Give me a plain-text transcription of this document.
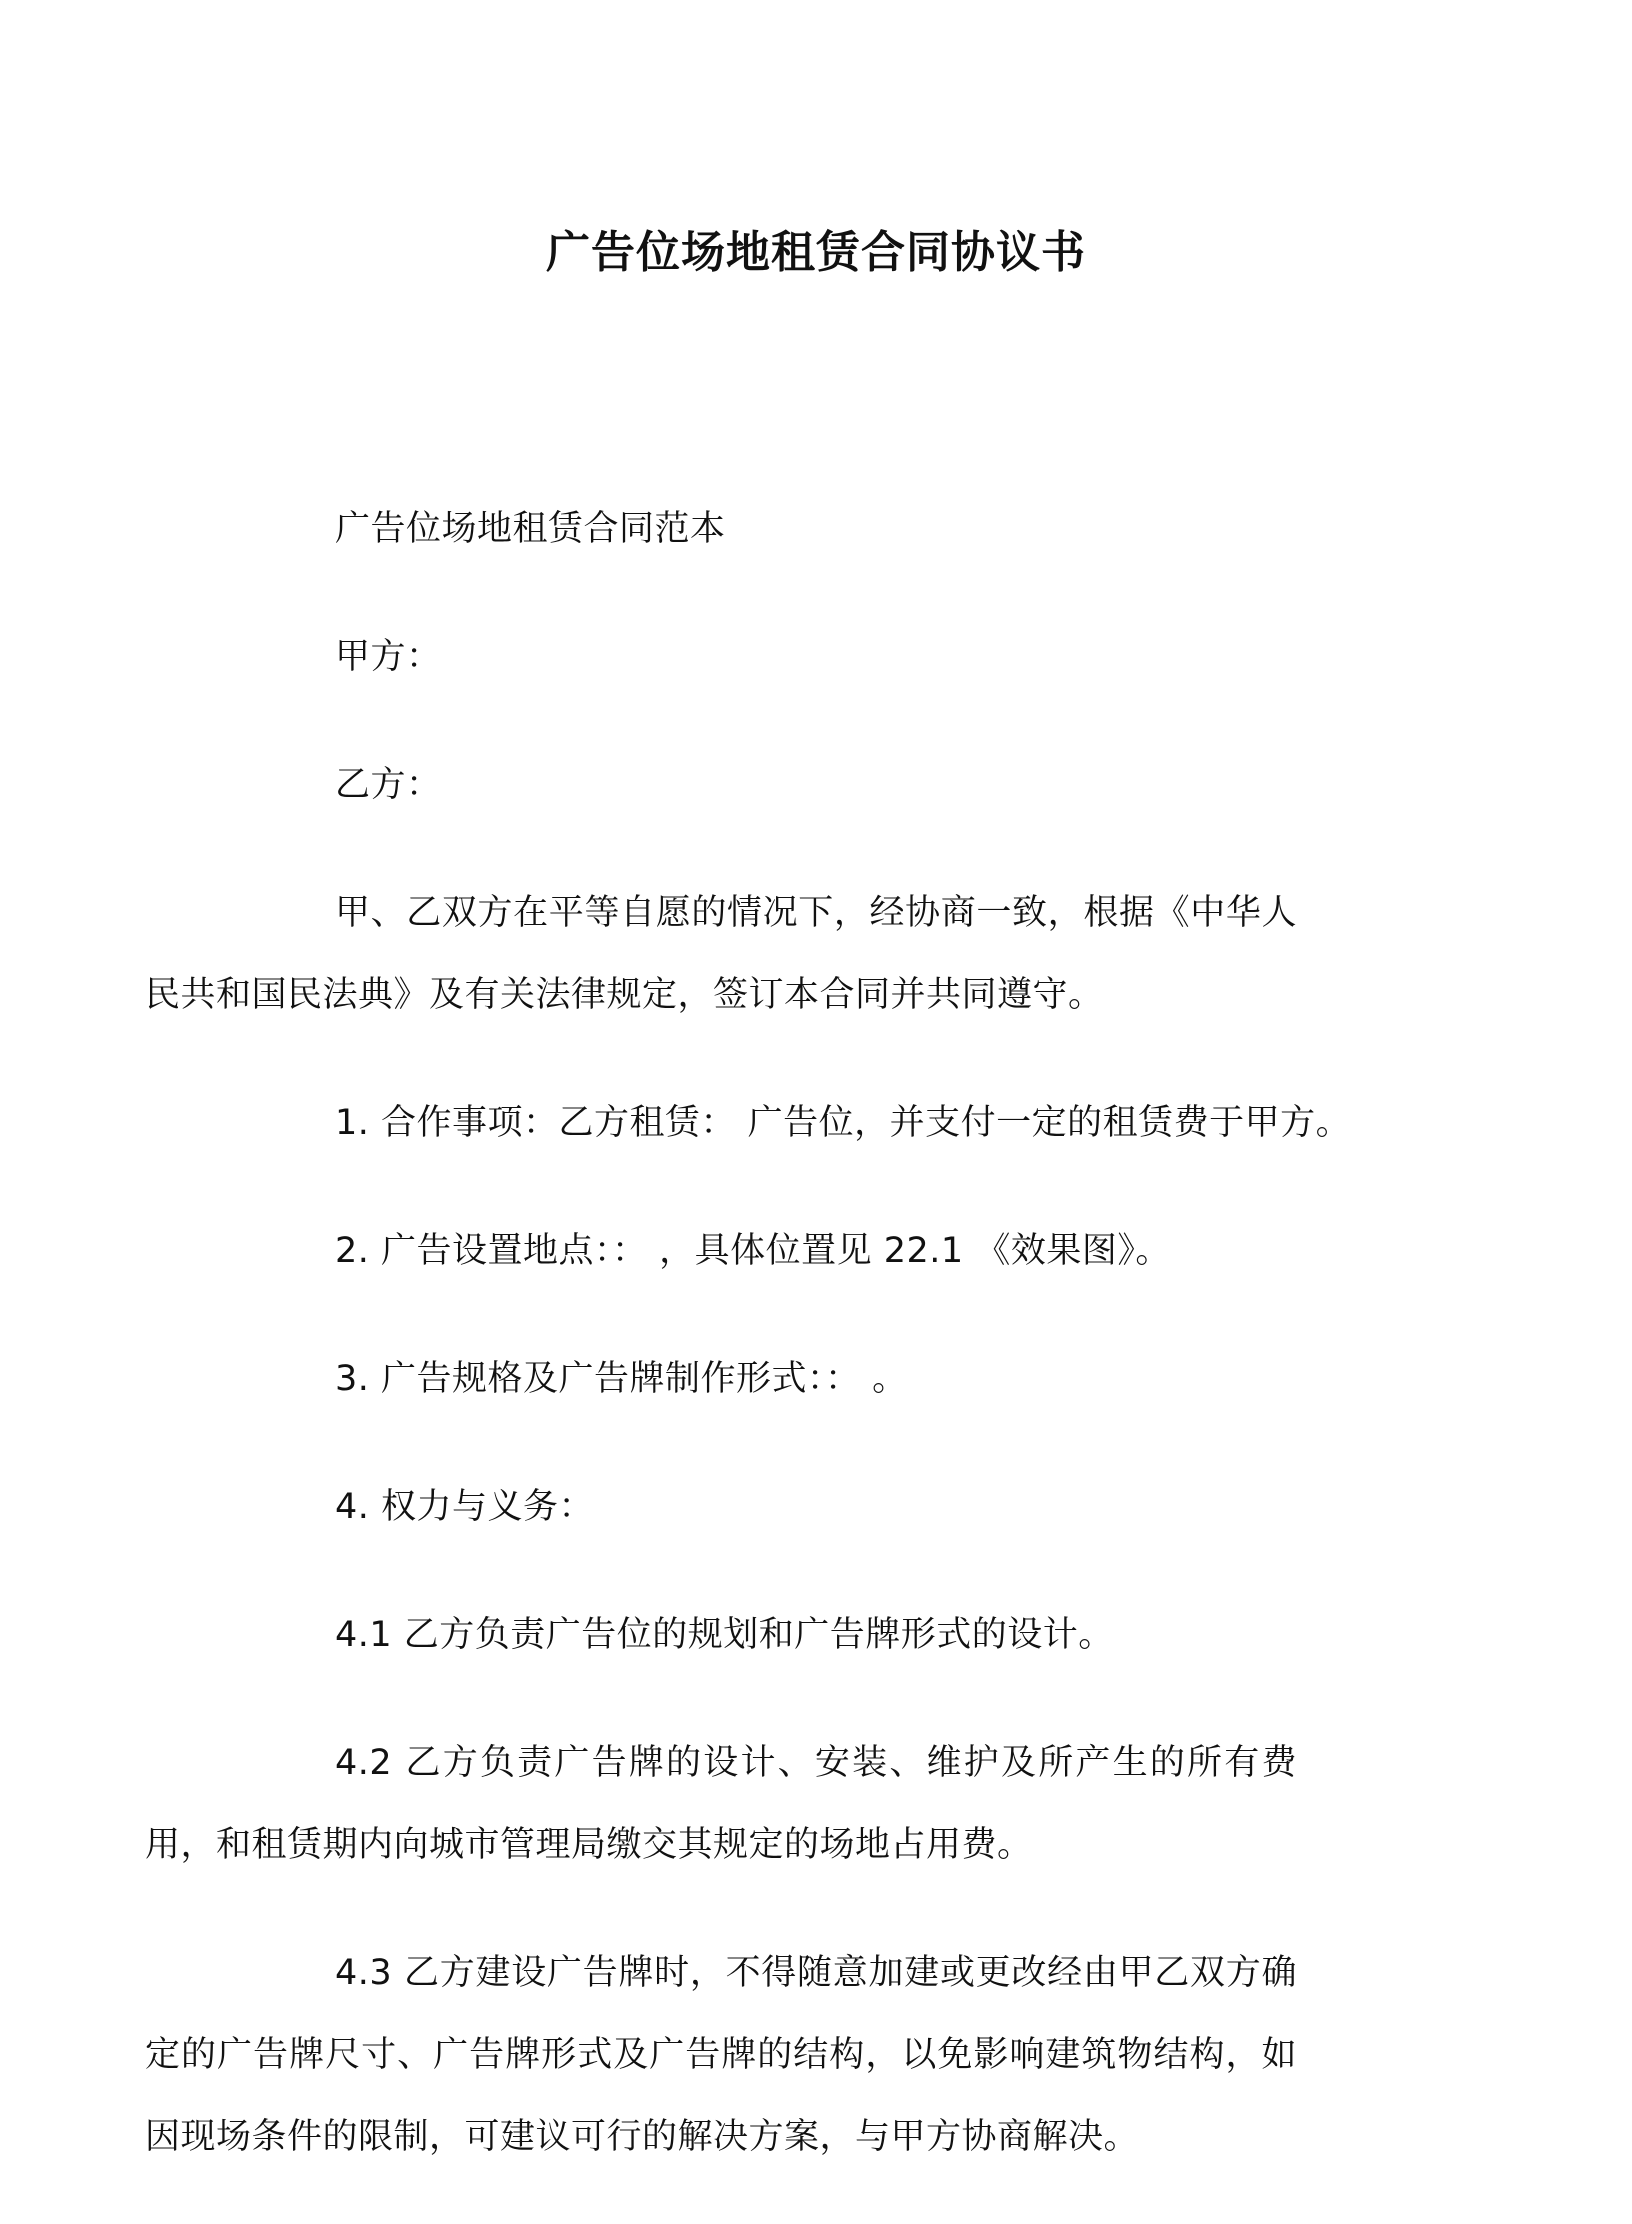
广告位场地租赁合同协议书

广告位场地租赁合同范本

甲方：

乙方：

甲、乙双方在平等自愿的情况下，经协商一致，根据《中华人民共和国民法典》及有关法律规定，签订本合同并共同遵守。

1. 合作事项：乙方租赁： 广告位，并支付一定的租赁费于甲方。

2. 广告设置地点：： ，具体位置见 22.1 《效果图》。

3. 广告规格及广告牌制作形式：： 。

4. 权力与义务：

4.1 乙方负责广告位的规划和广告牌形式的设计。

4.2 乙方负责广告牌的设计、安装、维护及所产生的所有费用，和租赁期内向城市管理局缴交其规定的场地占用费。

4.3 乙方建设广告牌时，不得随意加建或更改经由甲乙双方确定的广告牌尺寸、广告牌形式及广告牌的结构，以免影响建筑物结构，如因现场条件的限制，可建议可行的解决方案，与甲方协商解决。
